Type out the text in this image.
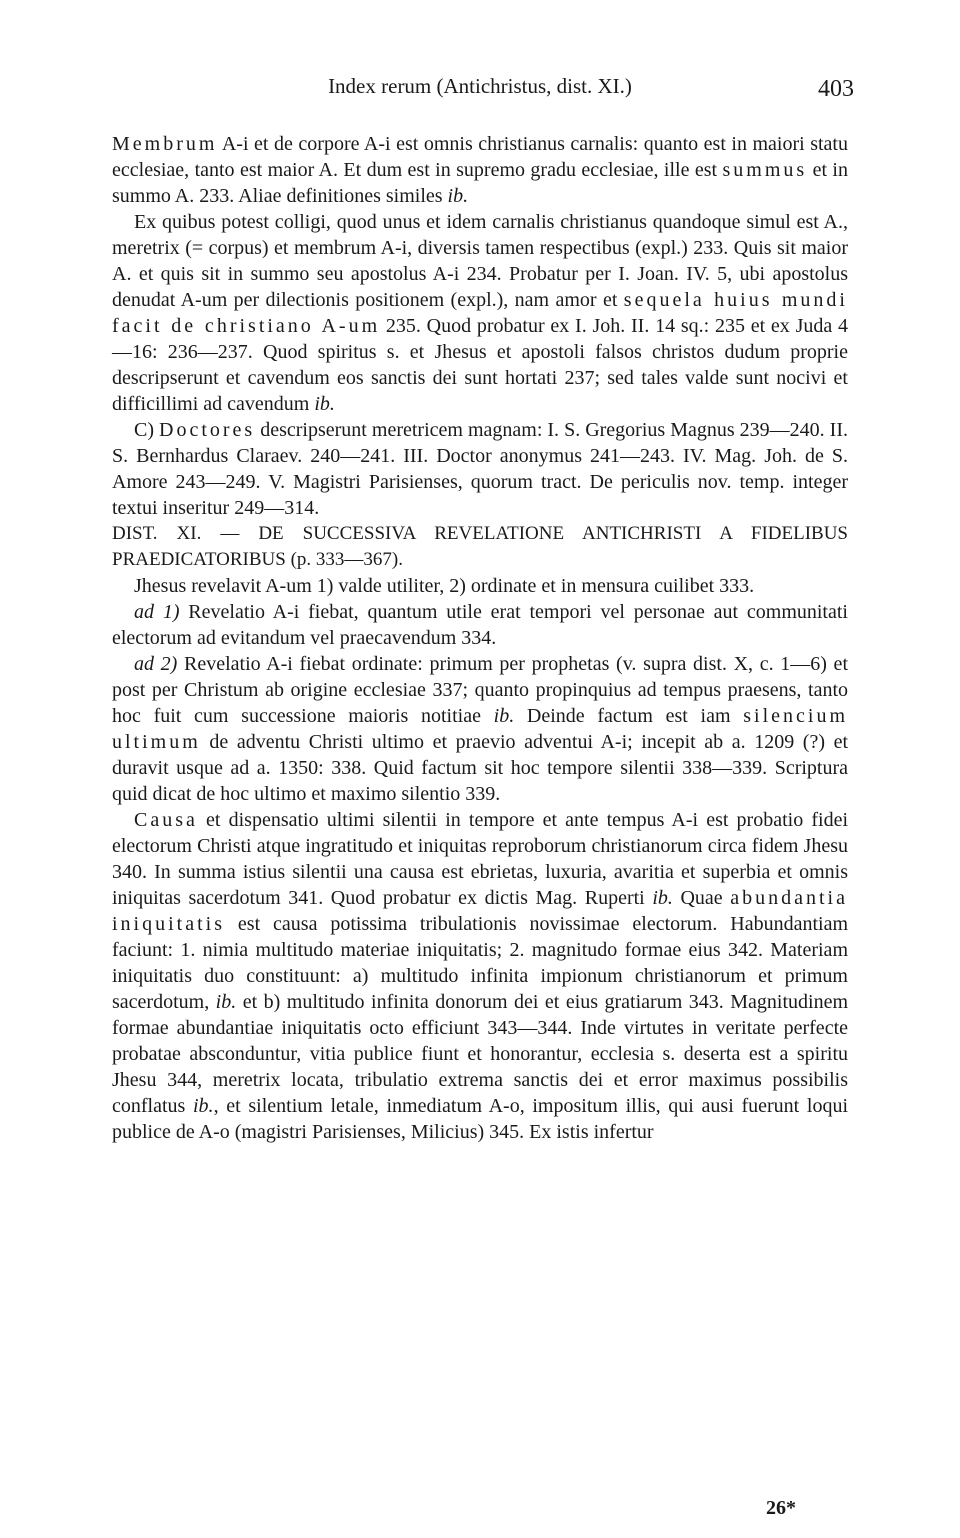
Index rerum (Antichristus, dist. XI.)	403

Membrum A-i et de corpore A-i est omnis christianus carnalis: quanto est in maiori statu ecclesiae, tanto est maior A. Et dum est in supremo gradu ecclesiae, ille est summus et in summo A. 233. Aliae definitiones similes ib.

Ex quibus potest colligi, quod unus et idem carnalis christianus quandoque simul est A., meretrix (= corpus) et membrum A-i, diversis tamen respectibus (expl.) 233. Quis sit maior A. et quis sit in summo seu apostolus A-i 234. Probatur per I. Joan. IV. 5, ubi apostolus denudat A-um per dilectionis positionem (expl.), nam amor et sequela huius mundi facit de christiano A-um 235. Quod probatur ex I. Joh. II. 14 sq.: 235 et ex Juda 4—16: 236—237. Quod spiritus s. et Jhesus et apostoli falsos christos dudum proprie descripserunt et cavendum eos sanctis dei sunt hortati 237; sed tales valde sunt nocivi et difficillimi ad cavendum ib.

C) Doctores descripserunt meretricem magnam: I. S. Gregorius Magnus 239—240. II. S. Bernhardus Claraev. 240—241. III. Doctor anonymus 241—243. IV. Mag. Joh. de S. Amore 243—249. V. Magistri Parisienses, quorum tract. De periculis nov. temp. integer textui inseritur 249—314.

DIST. XI. — DE SUCCESSIVA REVELATIONE ANTICHRISTI A FIDELIBUS PRAEDICATORIBUS (p. 333—367).

Jhesus revelavit A-um 1) valde utiliter, 2) ordinate et in mensura cuilibet 333.

ad 1) Revelatio A-i fiebat, quantum utile erat tempori vel personae aut communitati electorum ad evitandum vel praecavendum 334.

ad 2) Revelatio A-i fiebat ordinate: primum per prophetas (v. supra dist. X, c. 1—6) et post per Christum ab origine ecclesiae 337; quanto propinquius ad tempus praesens, tanto hoc fuit cum successione maioris notitiae ib. Deinde factum est iam silencium ultimum de adventu Christi ultimo et praevio adventui A-i; incepit ab a. 1209 (?) et duravit usque ad a. 1350: 338. Quid factum sit hoc tempore silentii 338—339. Scriptura quid dicat de hoc ultimo et maximo silentio 339.

Causa et dispensatio ultimi silentii in tempore et ante tempus A-i est probatio fidei electorum Christi atque ingratitudo et iniquitas reproborum christianorum circa fidem Jhesu 340. In summa istius silentii una causa est ebrietas, luxuria, avaritia et superbia et omnis iniquitas sacerdotum 341. Quod probatur ex dictis Mag. Ruperti ib. Quae abundantia iniquitatis est causa potissima tribulationis novissimae electorum. Habundantiam faciunt: 1. nimia multitudo materiae iniquitatis; 2. magnitudo formae eius 342. Materiam iniquitatis duo constituunt: a) multitudo infinita impionum christianorum et primum sacerdotum, ib. et b) multitudo infinita donorum dei et eius gratiarum 343. Magnitudinem formae abundantiae iniquitatis octo efficiunt 343—344. Inde virtutes in veritate perfecte probatae absconduntur, vitia publice fiunt et honorantur, ecclesia s. deserta est a spiritu Jhesu 344, meretrix locata, tribulatio extrema sanctis dei et error maximus possibilis conflatus ib., et silentium letale, inmediatum A-o, impositum illis, qui ausi fuerunt loqui publice de A-o (magistri Parisienses, Milicius) 345. Ex istis infertur

26*
